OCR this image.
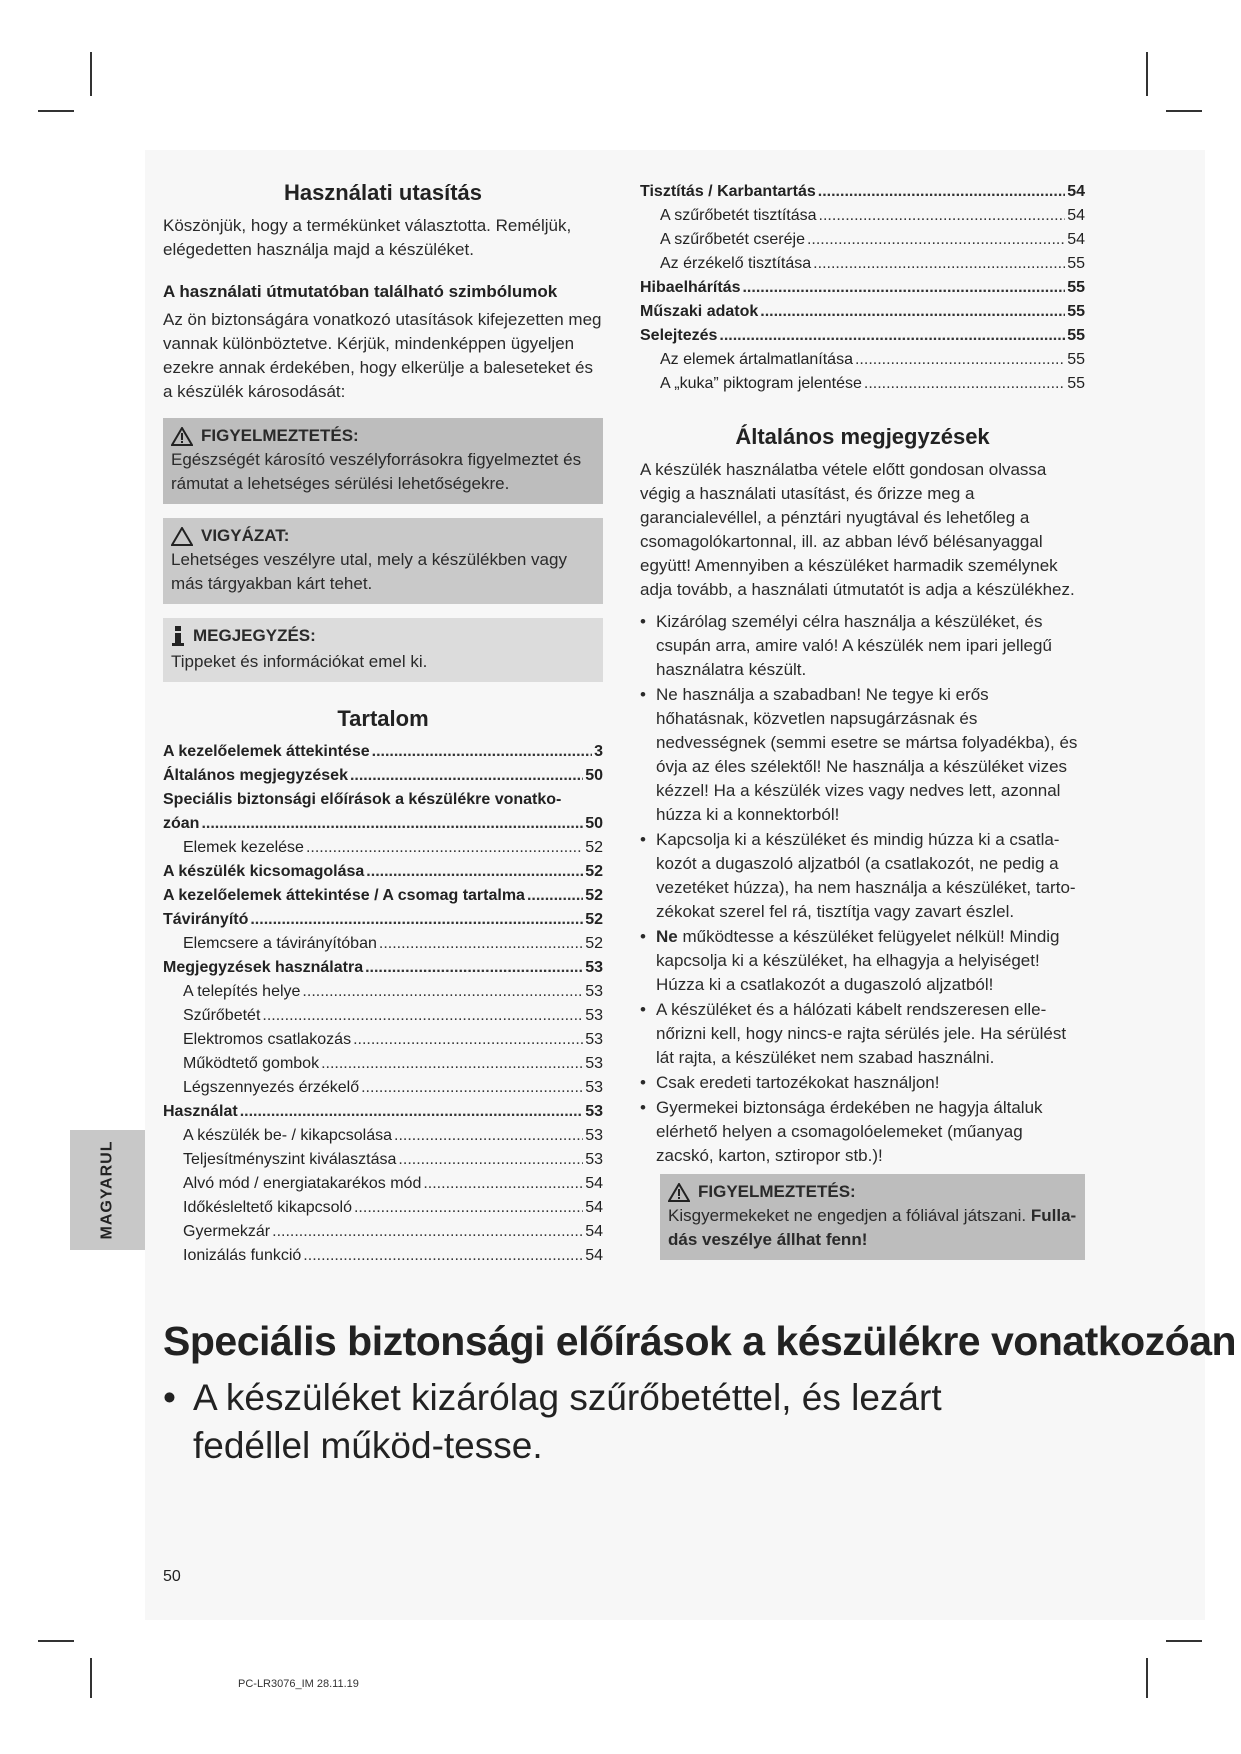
MAGYARUL
Használati utasítás

Köszönjük, hogy a termékünket választotta. Reméljük, elégedetten használja majd a készüléket.

A használati útmutatóban található szimbólumok

Az ön biztonságára vonatkozó utasítások kifejezetten meg vannak különböztetve. Kérjük, mindenképpen ügyeljen ezekre annak érdekében, hogy elkerülje a baleseteket és a készülék károsodását:

FIGYELMEZTETÉS:
Egészségét károsító veszélyforrásokra figyelmeztet és rámutat a lehetséges sérülési lehetőségekre.
VIGYÁZAT:
Lehetséges veszélyre utal, mely a készülékben vagy más tárgyakban kárt tehet.
MEGJEGYZÉS:
Tippeket és információkat emel ki.
Tartalom
A kezelőelemek áttekintése .....	3
Általános megjegyzések .....	50
Speciális biztonsági előírások a készülékre vonatko-
zóan .....	50
Elemek kezelése .....	52
A készülék kicsomagolása .....	52
A kezelőelemek áttekintése / A csomag tartalma .....	52
Távirányító .....	52
Elemcsere a távirányítóban .....	52
Megjegyzések használatra .....	53
A telepítés helye .....	53
Szűrőbetét .....	53
Elektromos csatlakozás .....	53
Működtető gombok .....	53
Légszennyezés érzékelő .....	53
Használat .....	53
A készülék be- / kikapcsolása .....	53
Teljesítményszint kiválasztása .....	53
Alvó mód / energiatakarékos mód .....	54
Időkésleltető kikapcsoló .....	54
Gyermekzár .....	54
Ionizálás funkció .....	54
Tisztítás / Karbantartás .....	54
A szűrőbetét tisztítása .....	54
A szűrőbetét cseréje .....	54
Az érzékelő tisztítása .....	55
Hibaelhárítás .....	55
Műszaki adatok .....	55
Selejtezés .....	55
Az elemek ártalmatlanítása .....	55
A „kuka” piktogram jelentése .....	55
Általános megjegyzések

A készülék használatba vétele előtt gondosan olvassa végig a használati utasítást, és őrizze meg a garancialevéllel, a pénztári nyugtával és lehetőleg a csomagolókartonnal, ill. az abban lévő bélésanyaggal együtt! Amennyiben a készüléket harmadik személynek adja tovább, a használati útmutatót is adja a készülékhez.

• Kizárólag személyi célra használja a készüléket, és csupán arra, amire való! A készülék nem ipari jellegű használatra készült.
• Ne használja a szabadban! Ne tegye ki erős hőhatásnak, közvetlen napsugárzásnak és nedvességnek (semmi esetre se mártsa folyadékba), és óvja az éles szélektől! Ne használja a készüléket vizes kézzel! Ha a készülék vizes vagy nedves lett, azonnal húzza ki a konnektorból!
• Kapcsolja ki a készüléket és mindig húzza ki a csatla-kozót a dugaszoló aljzatból (a csatlakozót, ne pedig a vezetéket húzza), ha nem használja a készüléket, tarto-zékokat szerel fel rá, tisztítja vagy zavart észlel.
• Ne működtesse a készüléket felügyelet nélkül! Mindig kapcsolja ki a készüléket, ha elhagyja a helyiséget! Húzza ki a csatlakozót a dugaszoló aljzatból!
• A készüléket és a hálózati kábelt rendszeresen elle-nőrizni kell, hogy nincs-e rajta sérülés jele. Ha sérülést lát rajta, a készüléket nem szabad használni.
• Csak eredeti tartozékokat használjon!
• Gyermekei biztonsága érdekében ne hagyja általuk elérhető helyen a csomagolóelemeket (műanyag zacskó, karton, sztiropor stb.)!
FIGYELMEZTETÉS:
Kisgyermekeket ne engedjen a fóliával játszani. Fulla-dás veszélye állhat fenn!
Speciális biztonsági előírások a készülékre vonatkozóan
• A készüléket kizárólag szűrőbetéttel, és lezárt fedéllel működ-tesse.
50
PC-LR3076_IM 28.11.19
